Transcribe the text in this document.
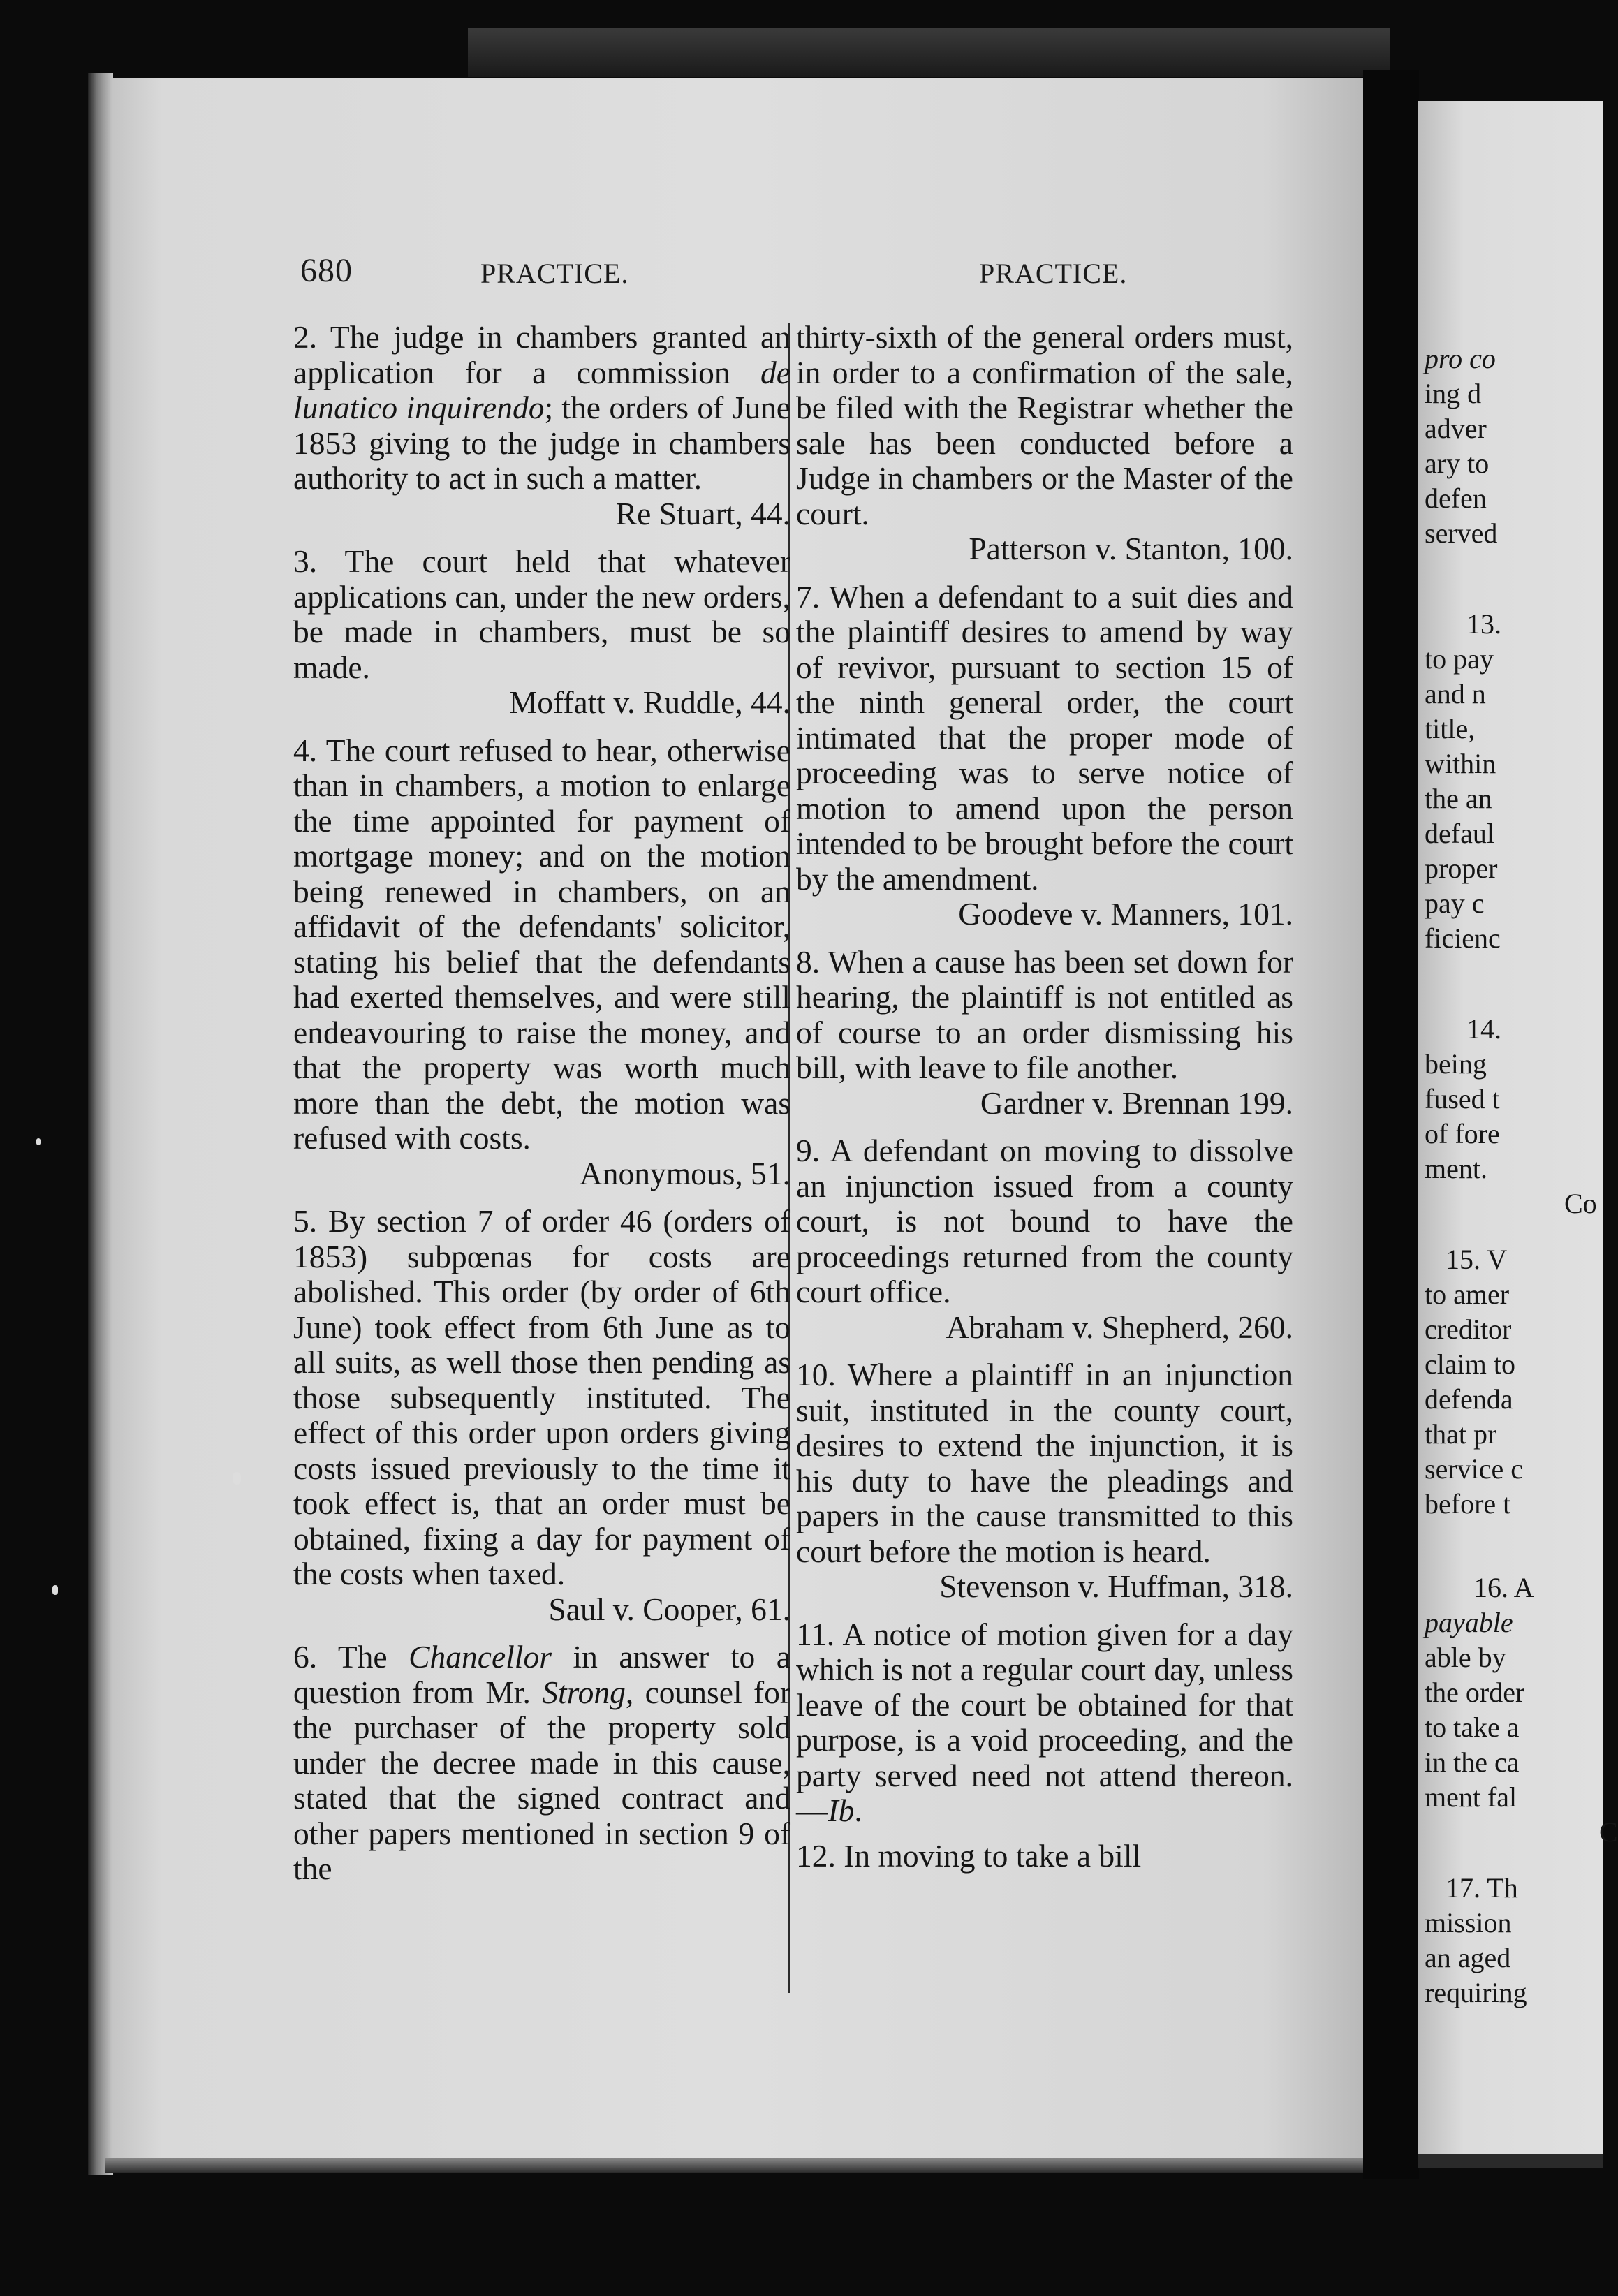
680	PRACTICE.	PRACTICE.

2. The judge in chambers granted an application for a commission de lunatico inquirendo; the orders of June 1853 giving to the judge in chambers authority to act in such a matter.

Re Stuart, 44.

3. The court held that whatever applications can, under the new orders, be made in chambers, must be so made.

Moffatt v. Ruddle, 44.

4. The court refused to hear, otherwise than in chambers, a motion to enlarge the time appointed for payment of mortgage money; and on the motion being renewed in chambers, on an affidavit of the defendants' solicitor, stating his belief that the defendants had exerted themselves, and were still endeavouring to raise the money, and that the property was worth much more than the debt, the motion was refused with costs.

Anonymous, 51.

5. By section 7 of order 46 (orders of 1853) subpœnas for costs are abolished. This order (by order of 6th June) took effect from 6th June as to all suits, as well those then pending as those subsequently instituted. The effect of this order upon orders giving costs issued previously to the time it took effect is, that an order must be obtained, fixing a day for payment of the costs when taxed.

Saul v. Cooper, 61.

6. The Chancellor in answer to a question from Mr. Strong, counsel for the purchaser of the property sold under the decree made in this cause, stated that the signed contract and other papers mentioned in section 9 of the

thirty-sixth of the general orders must, in order to a confirmation of the sale, be filed with the Registrar whether the sale has been conducted before a Judge in chambers or the Master of the court.

Patterson v. Stanton, 100.

7. When a defendant to a suit dies and the plaintiff desires to amend by way of revivor, pursuant to section 15 of the ninth general order, the court intimated that the proper mode of proceeding was to serve notice of motion to amend upon the person intended to be brought before the court by the amendment.

Goodeve v. Manners, 101.

8. When a cause has been set down for hearing, the plaintiff is not entitled as of course to an order dismissing his bill, with leave to file another.

Gardner v. Brennan 199.

9. A defendant on moving to dissolve an injunction issued from a county court, is not bound to have the proceedings returned from the county court office.

Abraham v. Shepherd, 260.

10. Where a plaintiff in an injunction suit, instituted in the county court, desires to extend the injunction, it is his duty to have the pleadings and papers in the cause transmitted to this court before the motion is heard.

Stevenson v. Huffman, 318.

11. A notice of motion given for a day which is not a regular court day, unless leave of the court be obtained for that purpose, is a void proceeding, and the party served need not attend thereon.—Ib.

12. In moving to take a bill

pro co
ing d
adver
ary to
defen
served
13.
to pay
and n
title,
within
the an
defaul
proper
pay c
ficienc
14.
being
fused t
of fore
ment.
Co
15. V
to amer
creditor
claim to
defenda
that pr
service c
before t
16. A
payable
able by
the order
to take a
in the ca
ment fal
C
17. Th
mission
an aged
requiring
